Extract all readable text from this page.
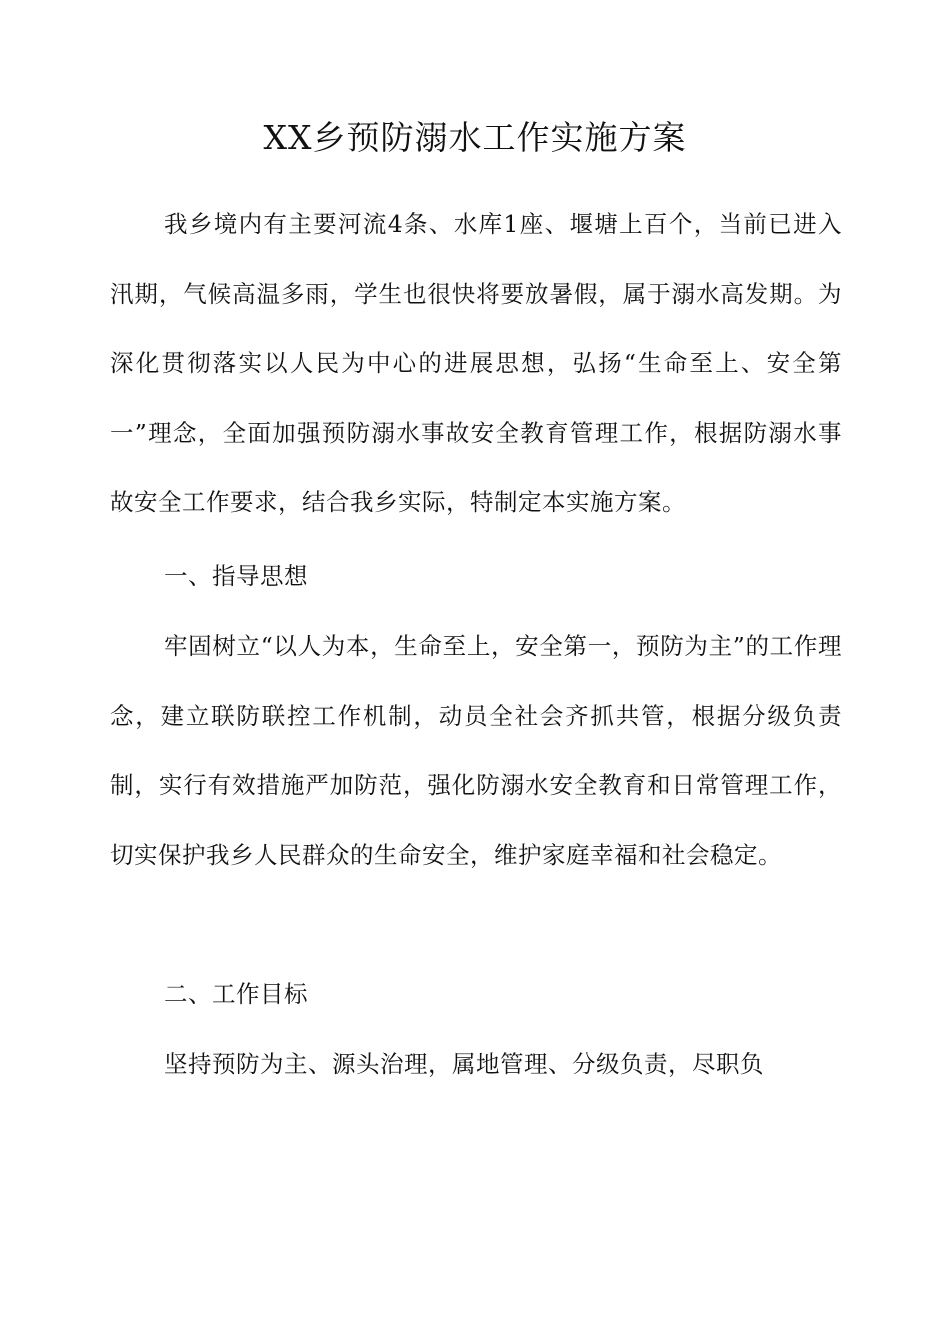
XX乡预防溺水工作实施方案
我乡境内有主要河流4条、水库1座、堰塘上百个，当前已进入汛期，气候高温多雨，学生也很快将要放暑假，属于溺水高发期。为深化贯彻落实以人民为中心的进展思想，弘扬“生命至上、安全第一”理念，全面加强预防溺水事故安全教育管理工作，根据防溺水事故安全工作要求，结合我乡实际，特制定本实施方案。
一、指导思想
牢固树立“以人为本，生命至上，安全第一，预防为主”的工作理念，建立联防联控工作机制，动员全社会齐抓共管，根据分级负责制，实行有效措施严加防范，强化防溺水安全教育和日常管理工作，切实保护我乡人民群众的生命安全，维护家庭幸福和社会稳定。
二、工作目标
坚持预防为主、源头治理，属地管理、分级负责，尽职负
